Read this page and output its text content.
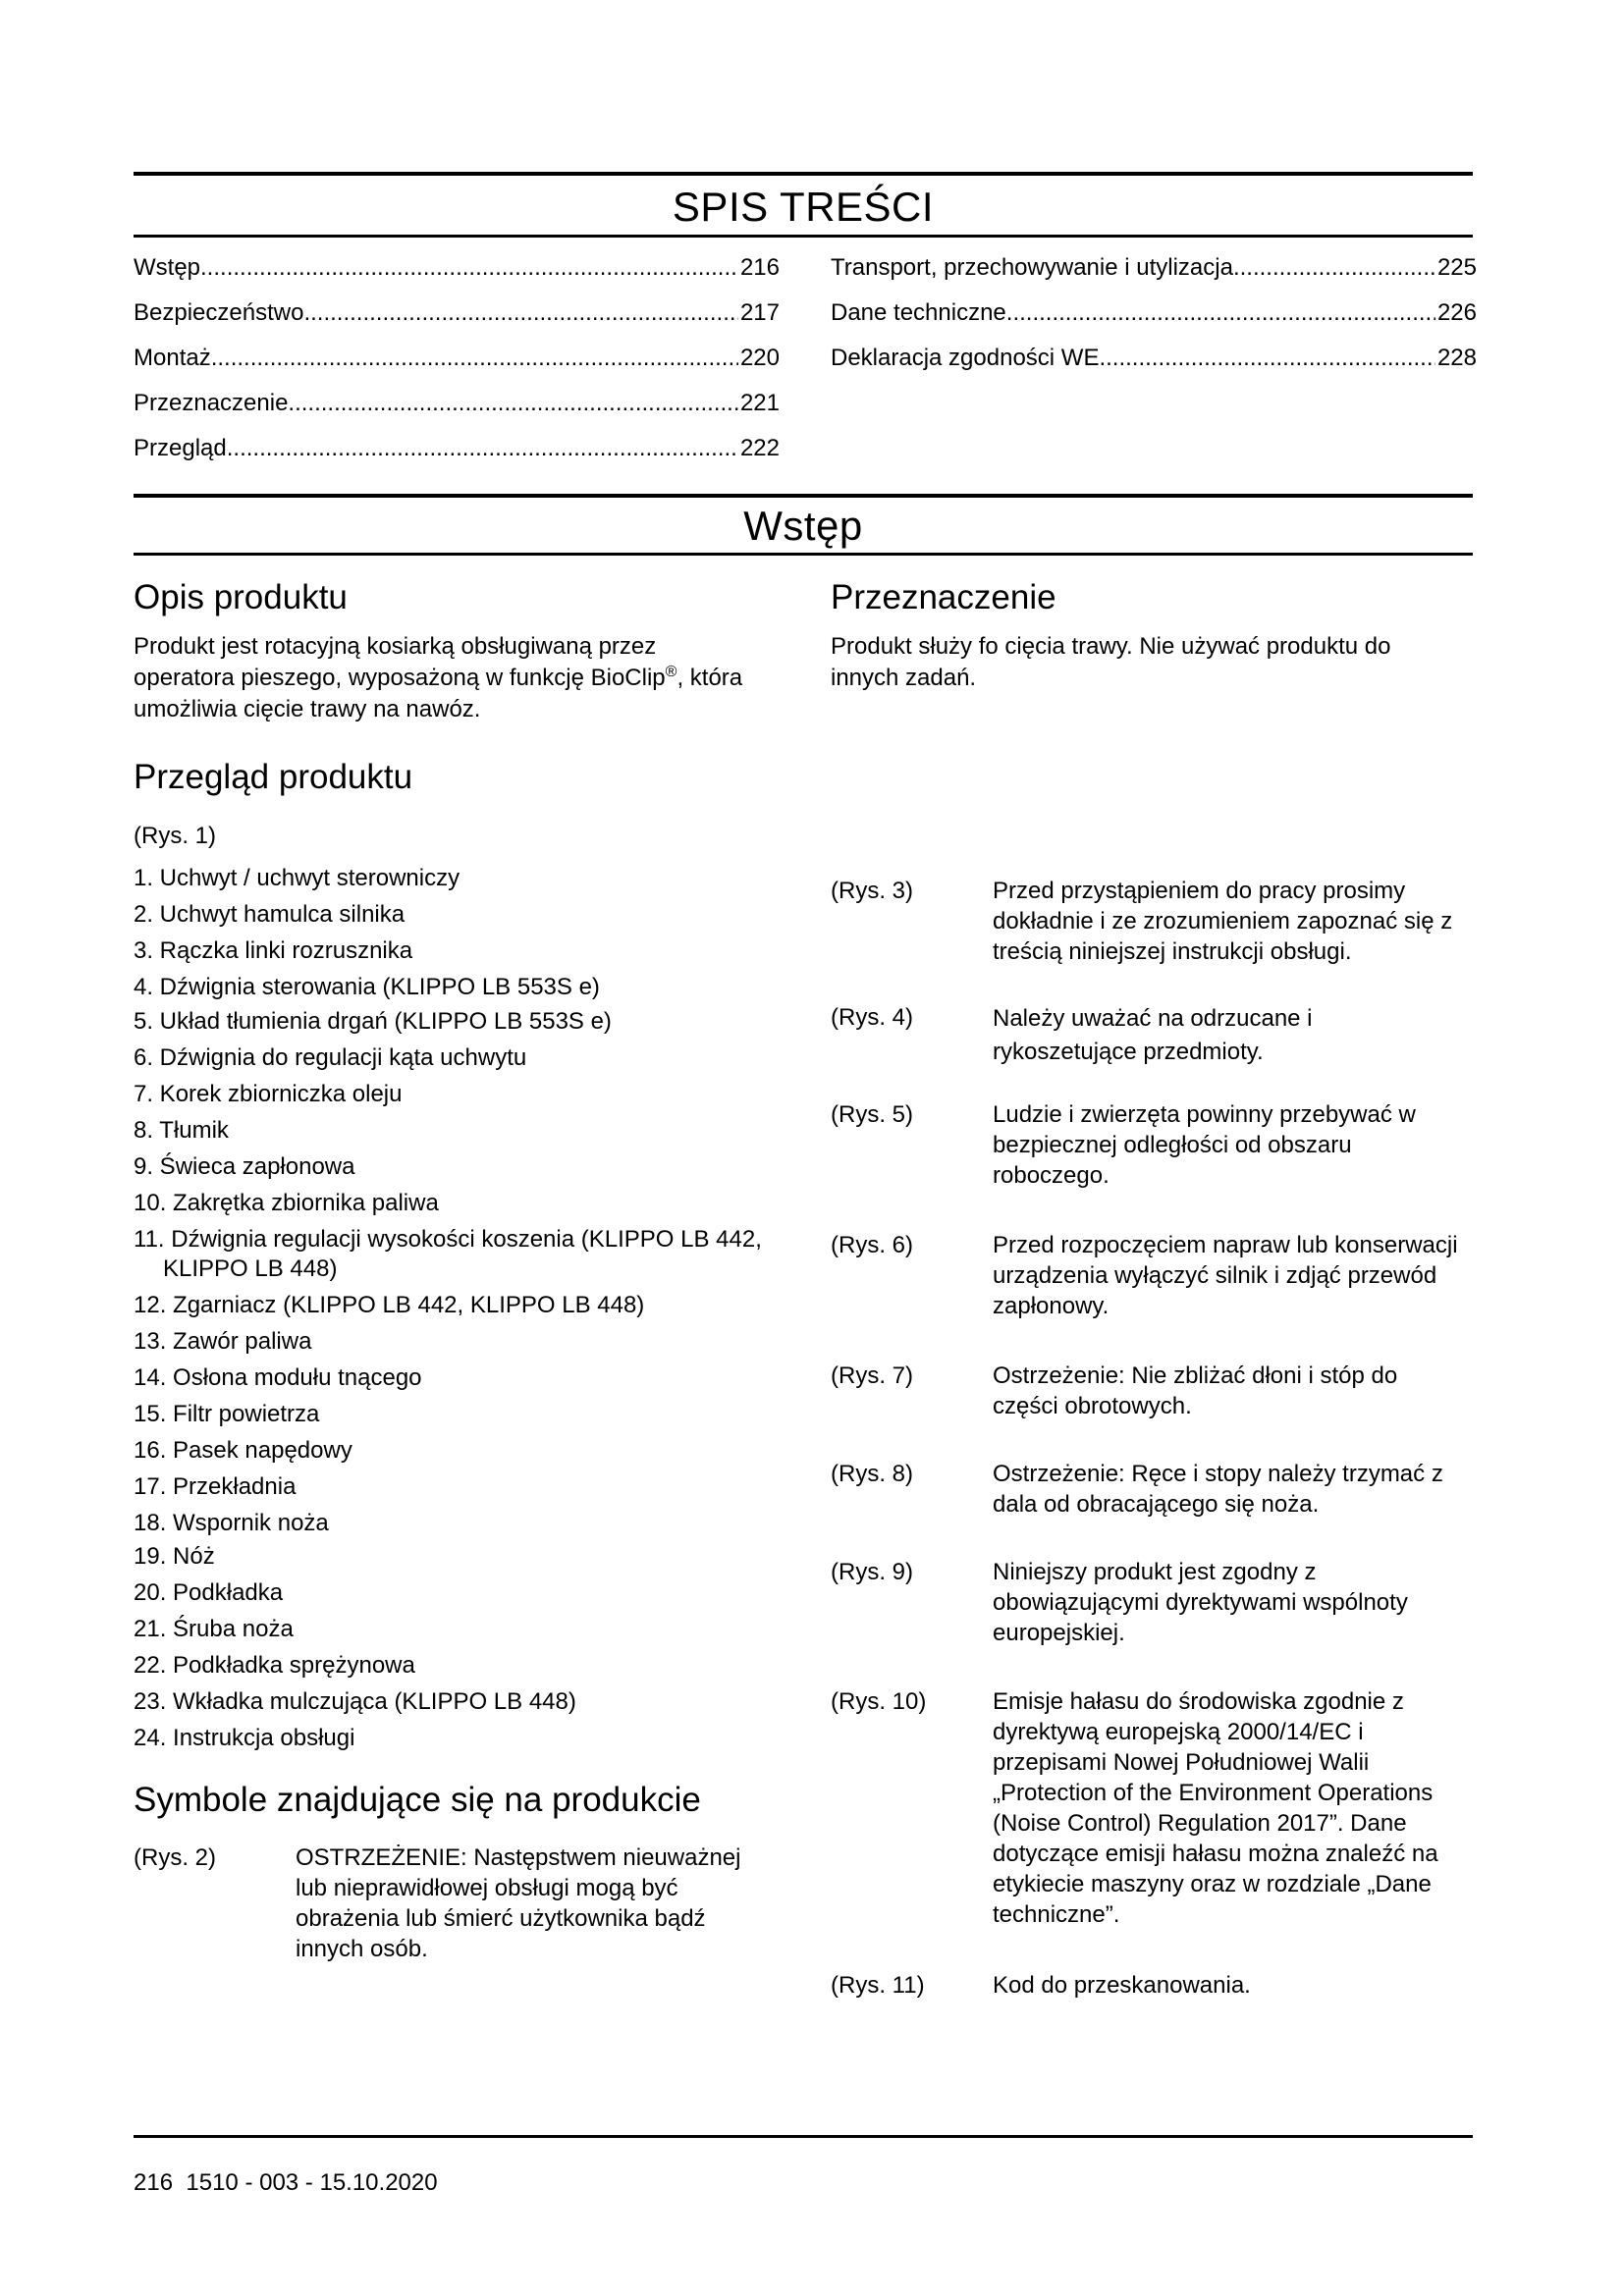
SPIS TREŚCI
Wstęp .....	216
Bezpieczeństwo .....	217
Montaż .....	220
Przeznaczenie .....	221
Przegląd .....	222
Transport, przechowywanie i utylizacja .....	225
Dane techniczne .....	226
Deklaracja zgodności WE .....	228
Wstęp
Opis produktu
Produkt jest rotacyjną kosiarką obsługiwaną przez operatora pieszego, wyposażoną w funkcję BioClip®, która umożliwia cięcie trawy na nawóz.
Przeznaczenie
Produkt służy fo cięcia trawy. Nie używać produktu do innych zadań.
Przegląd produktu
(Rys. 1)
1. Uchwyt / uchwyt sterowniczy
2. Uchwyt hamulca silnika
3. Rączka linki rozrusznika
4. Dźwignia sterowania (KLIPPO LB 553S e)
5. Układ tłumienia drgań (KLIPPO LB 553S e)
6. Dźwignia do regulacji kąta uchwytu
7. Korek zbiorniczka oleju
8. Tłumik
9. Świeca zapłonowa
10. Zakrętka zbiornika paliwa
11. Dźwignia regulacji wysokości koszenia (KLIPPO LB 442, KLIPPO LB 448)
12. Zgarniacz (KLIPPO LB 442, KLIPPO LB 448)
13. Zawór paliwa
14. Osłona modułu tnącego
15. Filtr powietrza
16. Pasek napędowy
17. Przekładnia
18. Wspornik noża
19. Nóż
20. Podkładka
21. Śruba noża
22. Podkładka sprężynowa
23. Wkładka mulczująca (KLIPPO LB 448)
24. Instrukcja obsługi
Symbole znajdujące się na produkcie
(Rys. 2)	OSTRZEŻENIE: Następstwem nieuważnej lub nieprawidłowej obsługi mogą być obrażenia lub śmierć użytkownika bądź innych osób.
(Rys. 3)	Przed przystąpieniem do pracy prosimy dokładnie i ze zrozumieniem zapoznać się z treścią niniejszej instrukcji obsługi.
(Rys. 4)	Należy uważać na odrzucane i rykoszetujące przedmioty.
(Rys. 5)	Ludzie i zwierzęta powinny przebywać w bezpiecznej odległości od obszaru roboczego.
(Rys. 6)	Przed rozpoczęciem napraw lub konserwacji urządzenia wyłączyć silnik i zdjąć przewód zapłonowy.
(Rys. 7)	Ostrzeżenie: Nie zbliżać dłoni i stóp do części obrotowych.
(Rys. 8)	Ostrzeżenie: Ręce i stopy należy trzymać z dala od obracającego się noża.
(Rys. 9)	Niniejszy produkt jest zgodny z obowiązującymi dyrektywami wspólnoty europejskiej.
(Rys. 10)	Emisje hałasu do środowiska zgodnie z dyrektywą europejską 2000/14/EC i przepisami Nowej Południowej Walii „Protection of the Environment Operations (Noise Control) Regulation 2017”. Dane dotyczące emisji hałasu można znaleźć na etykiecie maszyny oraz w rozdziale „Dane techniczne”.
(Rys. 11)	Kod do przeskanowania.
216  1510 - 003 - 15.10.2020
